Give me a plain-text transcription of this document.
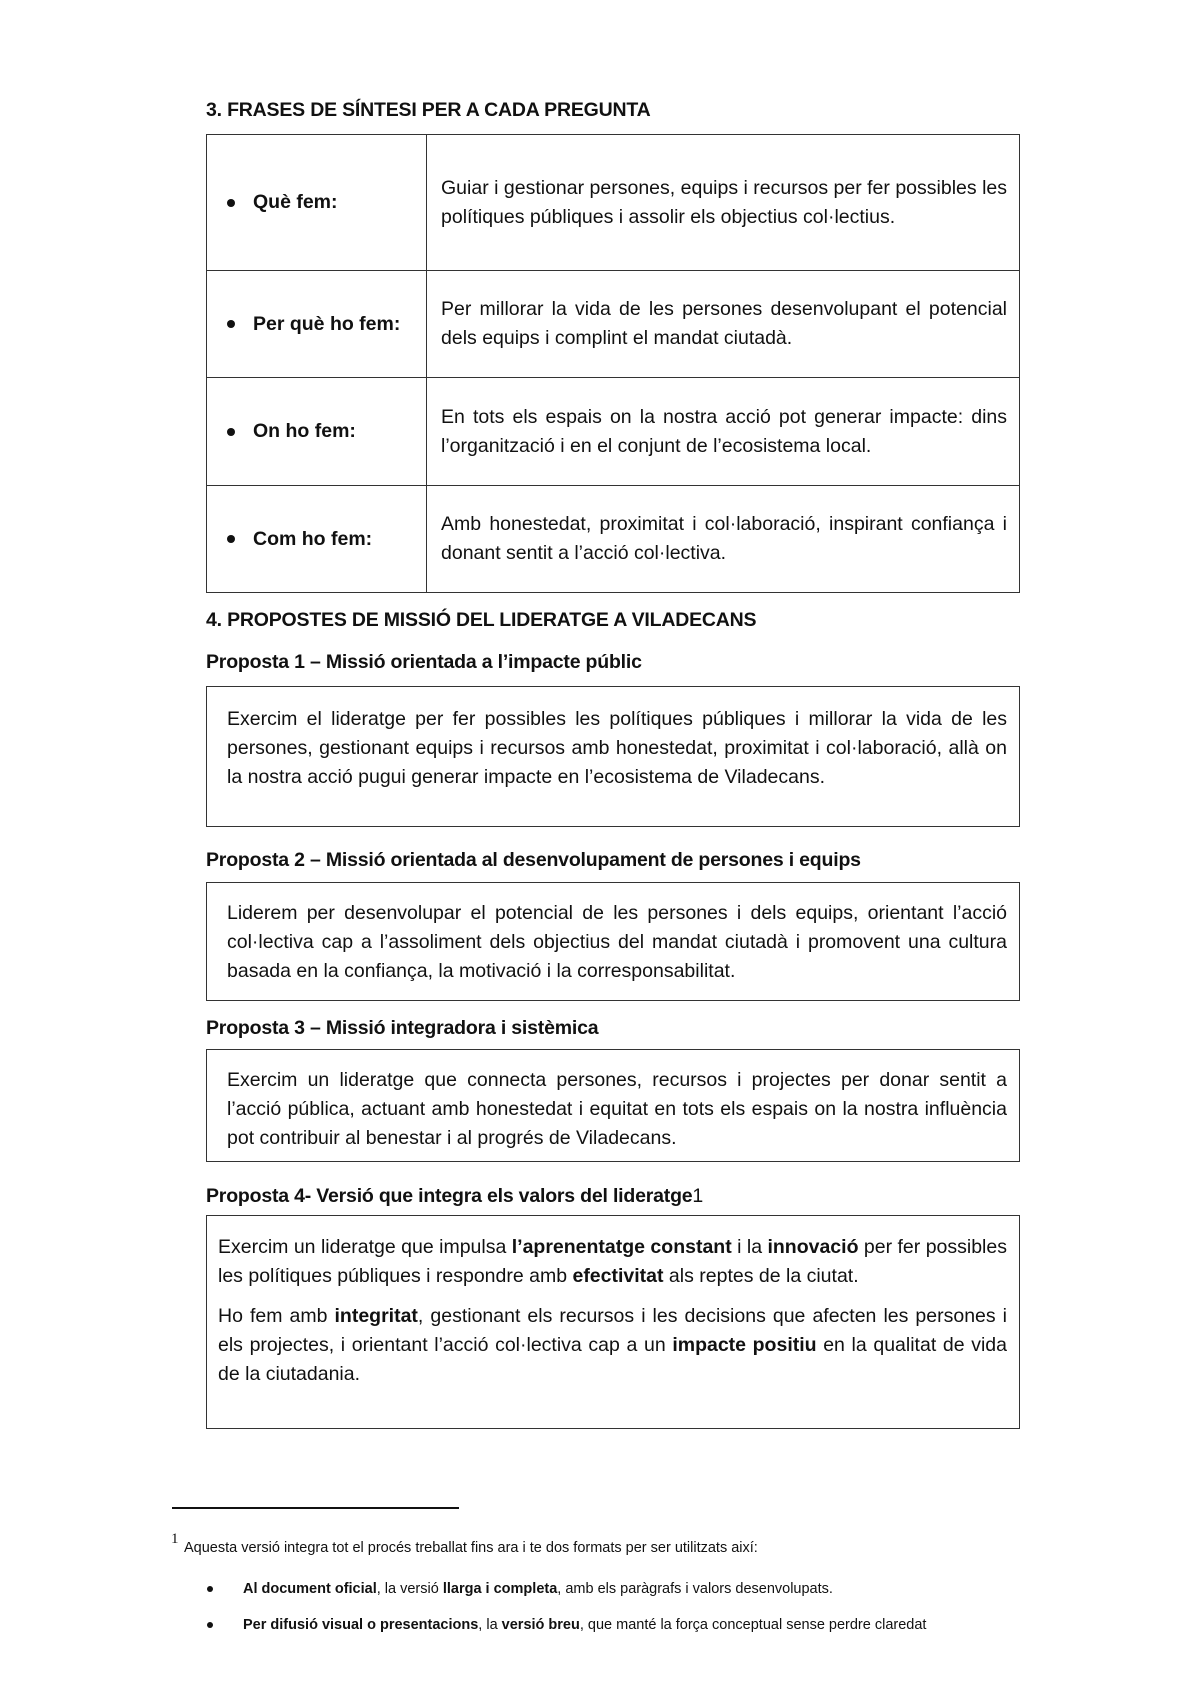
3. FRASES DE SÍNTESI PER A CADA PREGUNTA
Què fem:	Guiar i gestionar persones, equips i recursos per fer possibles les polítiques públiques i assolir els objectius col·lectius.

Per què ho fem:	Per millorar la vida de les persones desenvolupant el potencial dels equips i complint el mandat ciutadà.

On ho fem:	En tots els espais on la nostra acció pot generar impacte: dins l’organització i en el conjunt de l’ecosistema local.

Com ho fem:	Amb honestedat, proximitat i col·laboració, inspirant confiança i donant sentit a l’acció col·lectiva.
4. PROPOSTES DE MISSIÓ DEL LIDERATGE A VILADECANS
Proposta 1 – Missió orientada a l’impacte públic

Exercim el lideratge per fer possibles les polítiques públiques i millorar la vida de les persones, gestionant equips i recursos amb honestedat, proximitat i col·laboració, allà on la nostra acció pugui generar impacte en l’ecosistema de Viladecans.

Proposta 2 – Missió orientada al desenvolupament de persones i equips

Liderem per desenvolupar el potencial de les persones i dels equips, orientant l’acció col·lectiva cap a l’assoliment dels objectius del mandat ciutadà i promovent una cultura basada en la confiança, la motivació i la corresponsabilitat.

Proposta 3 – Missió integradora i sistèmica

Exercim un lideratge que connecta persones, recursos i projectes per donar sentit a l’acció pública, actuant amb honestedat i equitat en tots els espais on la nostra influència pot contribuir al benestar i al progrés de Viladecans.

Proposta 4- Versió que integra els valors del lideratge1

Exercim un lideratge que impulsa l’aprenentatge constant i la innovació per fer possibles les polítiques públiques i respondre amb efectivitat als reptes de la ciutat.

Ho fem amb integritat, gestionant els recursos i les decisions que afecten les persones i els projectes, i orientant l’acció col·lectiva cap a un impacte positiu en la qualitat de vida de la ciutadania.

1
Aquesta versió integra tot el procés treballat fins ara i te dos formats per ser utilitzats així:
Al document oficial, la versió llarga i completa, amb els paràgrafs i valors desenvolupats.
Per difusió visual o presentacions, la versió breu, que manté la força conceptual sense perdre claredat
